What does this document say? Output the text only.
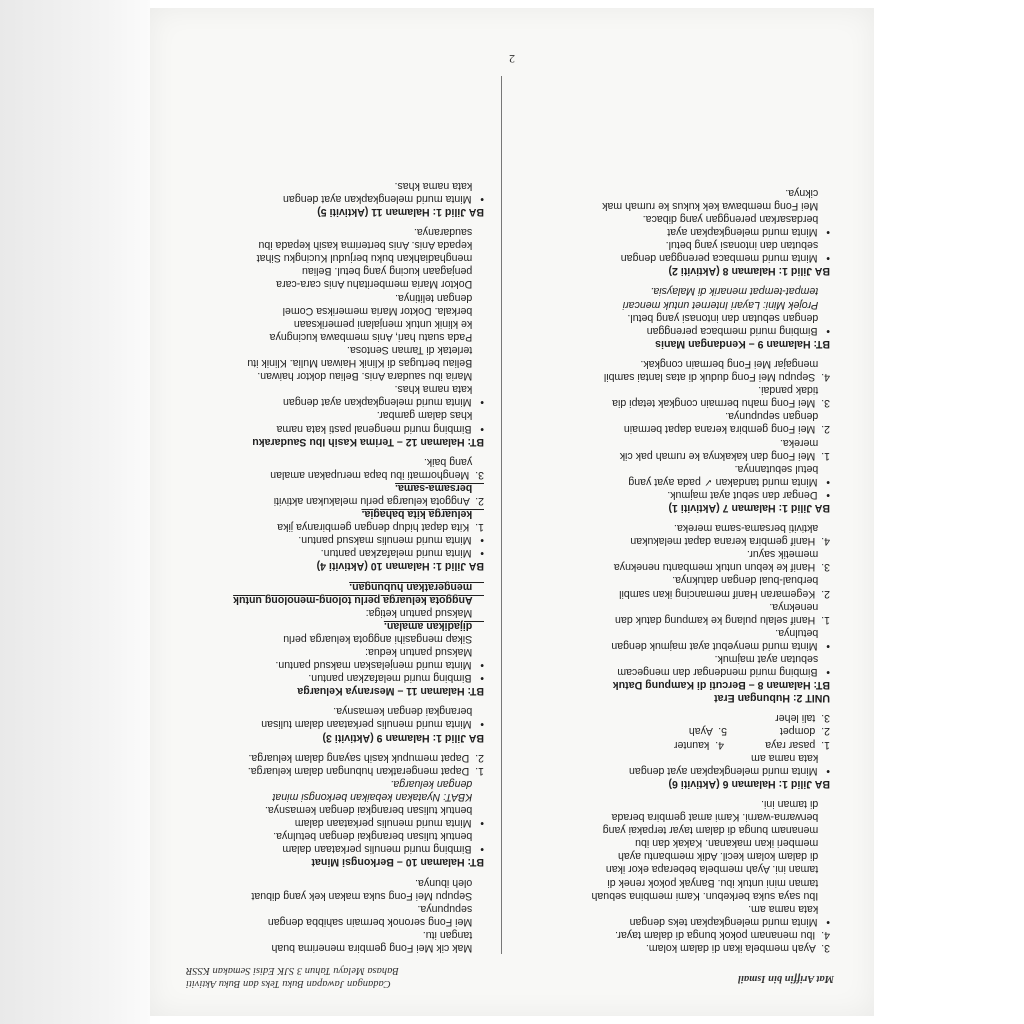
Mat Ariffin bin Ismail
Cadangan Jawapan Buku Teks dan Buku Aktiviti
Bahasa Melayu Tahun 3 SJK Edisi Semakan KSSR
3.  Ayah membela ikan di dalam kolam.
4.  Ibu menanam pokok bunga di dalam tayar.
•   Minta murid melengkapkan teks dengan
kata nama am.
Ibu saya suka berkebun. Kami membina sebuah
taman mini untuk ibu. Banyak pokok renek di
taman ini. Ayah membela beberapa ekor ikan
di dalam kolam kecil. Adik membantu ayah
memberi ikan makanan. Kakak dan ibu
menanam bunga di dalam tayar terpakai yang
berwarna-warni. Kami amat gembira berada
di taman ini.
BA Jilid 1: Halaman 6 (Aktiviti 6)
•   Minta murid melengkapkan ayat dengan
kata nama am
1.  pasar raya              4.  kaunter
2.  dompet                  5.  Ayah
3.  tali leher
UNIT 2: Hubungan Erat
BT: Halaman 8 – Bercuti di Kampung Datuk
•   Bimbing murid mendengar dan mengecam
sebutan ayat majmuk.
•   Minta murid menyebut ayat majmuk dengan
betulnya.
1.  Hanif selalu pulang ke kampung datuk dan
neneknya.
2.  Kegemaran Hanif memancing ikan sambil
berbual-bual dengan datuknya.
3.  Hanif ke kebun untuk membantu neneknya
memetik sayur.
4.  Hanif gembira kerana dapat melakukan
aktiviti bersama-sama mereka.
BA Jilid 1: Halaman 7 (Aktiviti 1)
•   Dengar dan sebut ayat majmuk.
•   Minta murid tandakan ✓ pada ayat yang
betul sebutannya.
1.  Mei Fong dan kakaknya ke rumah pak cik
mereka.
2.  Mei Fong gembira kerana dapat bermain
dengan sepupunya.
3.  Mei Fong mahu bermain congkak tetapi dia
tidak pandai.
4.  Sepupu Mei Fong duduk di atas lantai sambil
mengajar Mei Fong bermain congkak.
BT: Halaman 9 – Kendangan Manis
•   Bimbing murid membaca perenggan
dengan sebutan dan intonasi yang betul.
Projek Mini: Layari Internet untuk mencari
tempat-tempat menarik di Malaysia.
BA Jilid 1: Halaman 8 (Aktiviti 2)
•   Minta murid membaca perenggan dengan
sebutan dan intonasi yang betul.
•   Minta murid melengkapkan ayat
berdasarkan perenggan yang dibaca.
Mei Fong membawa kek kukus ke rumah mak
ciknya.
Mak cik Mei Fong gembira menerima buah
tangan itu.
Mei Fong seronok bermain sahibba dengan
sepupunya.
Sepupu Mei Fong suka makan kek yang dibuat
oleh ibunya.
BT: Halaman 10 – Berkongsi Minat
•   Bimbing murid menulis perkataan dalam
bentuk tulisan berangkai dengan betulnya.
•   Minta murid menulis perkataan dalam
bentuk tulisan berangkai dengan kemasnya.
KBAT: Nyatakan kebaikan berkongsi minat
dengan keluarga.
1.  Dapat mengeratkan hubungan dalam keluarga.
2.  Dapat memupuk kasih sayang dalam keluarga.
BA Jilid 1: Halaman 9 (Aktiviti 3)
•   Minta murid menulis perkataan dalam tulisan
berangkai dengan kemasnya.
BT: Halaman 11 – Mesranya Keluarga
•   Bimbing murid melafazkan pantun.
•   Minta murid menjelaskan maksud pantun.
Maksud pantun kedua:
Sikap mengasihi anggota keluarga perlu
dijadikan amalan.
Maksud pantun ketiga:
Anggota keluarga perlu tolong-menolong untuk
mengeratkan hubungan.
BA Jilid 1: Halaman 10 (Aktiviti 4)
•   Minta murid melafazkan pantun.
•   Minta murid menulis maksud pantun.
1.  Kita dapat hidup dengan gembiranya jika
keluarga kita bahagia.
2.  Anggota keluarga perlu melakukan aktiviti
bersama-sama.
3.  Menghormati ibu bapa merupakan amalan
yang baik.
BT: Halaman 12 – Terima Kasih Ibu Saudaraku
•   Bimbing murid mengenal pasti kata nama
khas dalam gambar.
•   Minta murid melengkapkan ayat dengan
kata nama khas.
Maria ibu saudara Anis. Beliau doktor haiwan.
Beliau bertugas di Klinik Haiwan Mulia. Klinik itu
terletak di Taman Sentosa.
Pada suatu hari, Anis membawa kucingnya
ke klinik untuk menjalani pemeriksaan
berkala. Doktor Maria memeriksa Comel
dengan telitinya.
Doktor Maria memberitahu Anis cara-cara
penjagaan kucing yang betul. Beliau
menghadiahkan buku berjudul Kucingku Sihat
kepada Anis. Anis berterima kasih kepada ibu
saudaranya.
BA Jilid 1: Halaman 11 (Aktiviti 5)
•   Minta murid melengkapkan ayat dengan
kata nama khas.
2
